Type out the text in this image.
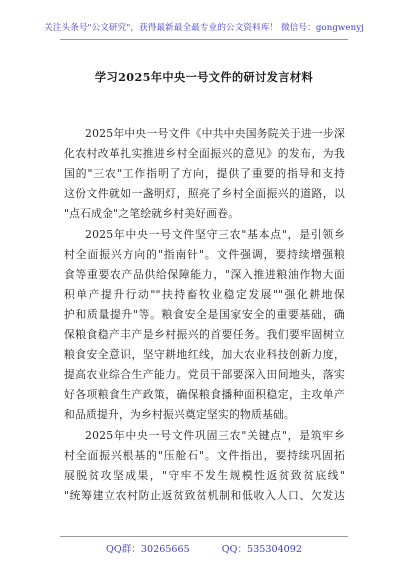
关注头条号"公文研究"，获得最新最全最专业的公文资料库！ 微信号：gongwenyj
学习2025年中央一号文件的研讨发言材料
2025年中央一号文件《中共中央国务院关于进一步深
化农村改革扎实推进乡村全面振兴的意见》的发布，为我
国的"三农"工作指明了方向，提供了重要的指导和支持
这份文件就如一盏明灯，照亮了乡村全面振兴的道路，以
"点石成金"之笔绘就乡村美好画卷。
2025年中央一号文件坚守三农"基本点"，是引领乡
村全面振兴方向的"指南针"。文件强调，要持续增强粮
食等重要农产品供给保障能力，"深入推进粮油作物大面
积单产提升行动""扶持畜牧业稳定发展""强化耕地保
护和质量提升"等。粮食安全是国家安全的重要基础，确
保粮食稳产丰产是乡村振兴的首要任务。我们要牢固树立
粮食安全意识，坚守耕地红线，加大农业科技创新力度，
提高农业综合生产能力。党员干部要深入田间地头，落实
好各项粮食生产政策，确保粮食播种面积稳定，主攻单产
和品质提升，为乡村振兴奠定坚实的物质基础。
2025年中央一号文件巩固三农"关键点"，是筑牢乡
村全面振兴根基的"压舱石"。文件指出，要持续巩固拓
展脱贫攻坚成果，"守牢不发生规模性返贫致贫底线"
"统筹建立农村防止返贫致贫机制和低收入人口、欠发达
QQ群：30265665	QQ：535304092
